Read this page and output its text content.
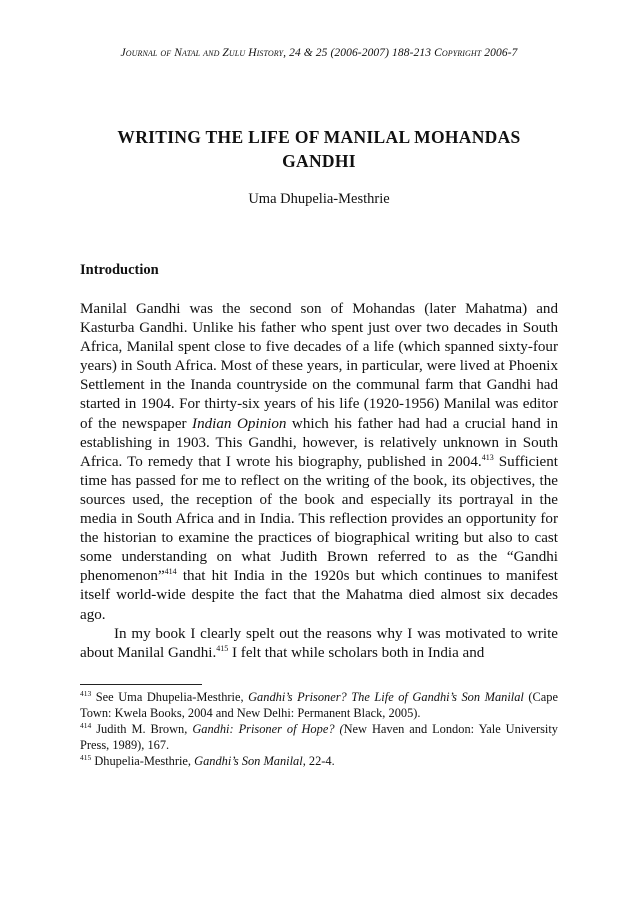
Journal of Natal and Zulu History, 24 & 25 (2006-2007) 188-213 Copyright 2006-7
WRITING THE LIFE OF MANILAL MOHANDAS GANDHI
Uma Dhupelia-Mesthrie
Introduction

Manilal Gandhi was the second son of Mohandas (later Mahatma) and Kasturba Gandhi. Unlike his father who spent just over two decades in South Africa, Manilal spent close to five decades of a life (which spanned sixty-four years) in South Africa. Most of these years, in particular, were lived at Phoenix Settlement in the Inanda countryside on the communal farm that Gandhi had started in 1904. For thirty-six years of his life (1920-1956) Manilal was editor of the newspaper Indian Opinion which his father had had a crucial hand in establishing in 1903. This Gandhi, however, is relatively unknown in South Africa. To remedy that I wrote his biography, published in 2004.$^{413}$ Sufficient time has passed for me to reflect on the writing of the book, its objectives, the sources used, the reception of the book and especially its portrayal in the media in South Africa and in India. This reflection provides an opportunity for the historian to examine the practices of biographical writing but also to cast some understanding on what Judith Brown referred to as the “Gandhi phenomenon”$^{414}$ that hit India in the 1920s but which continues to manifest itself world-wide despite the fact that the Mahatma died almost six decades ago.

In my book I clearly spelt out the reasons why I was motivated to write about Manilal Gandhi.$^{415}$ I felt that while scholars both in India and

$^{413}$ See Uma Dhupelia-Mesthrie, Gandhi’s Prisoner? The Life of Gandhi’s Son Manilal (Cape Town: Kwela Books, 2004 and New Delhi: Permanent Black, 2005).

$^{414}$ Judith M. Brown, Gandhi: Prisoner of Hope? (New Haven and London: Yale University Press, 1989), 167.

$^{415}$ Dhupelia-Mesthrie, Gandhi’s Son Manilal, 22-4.
